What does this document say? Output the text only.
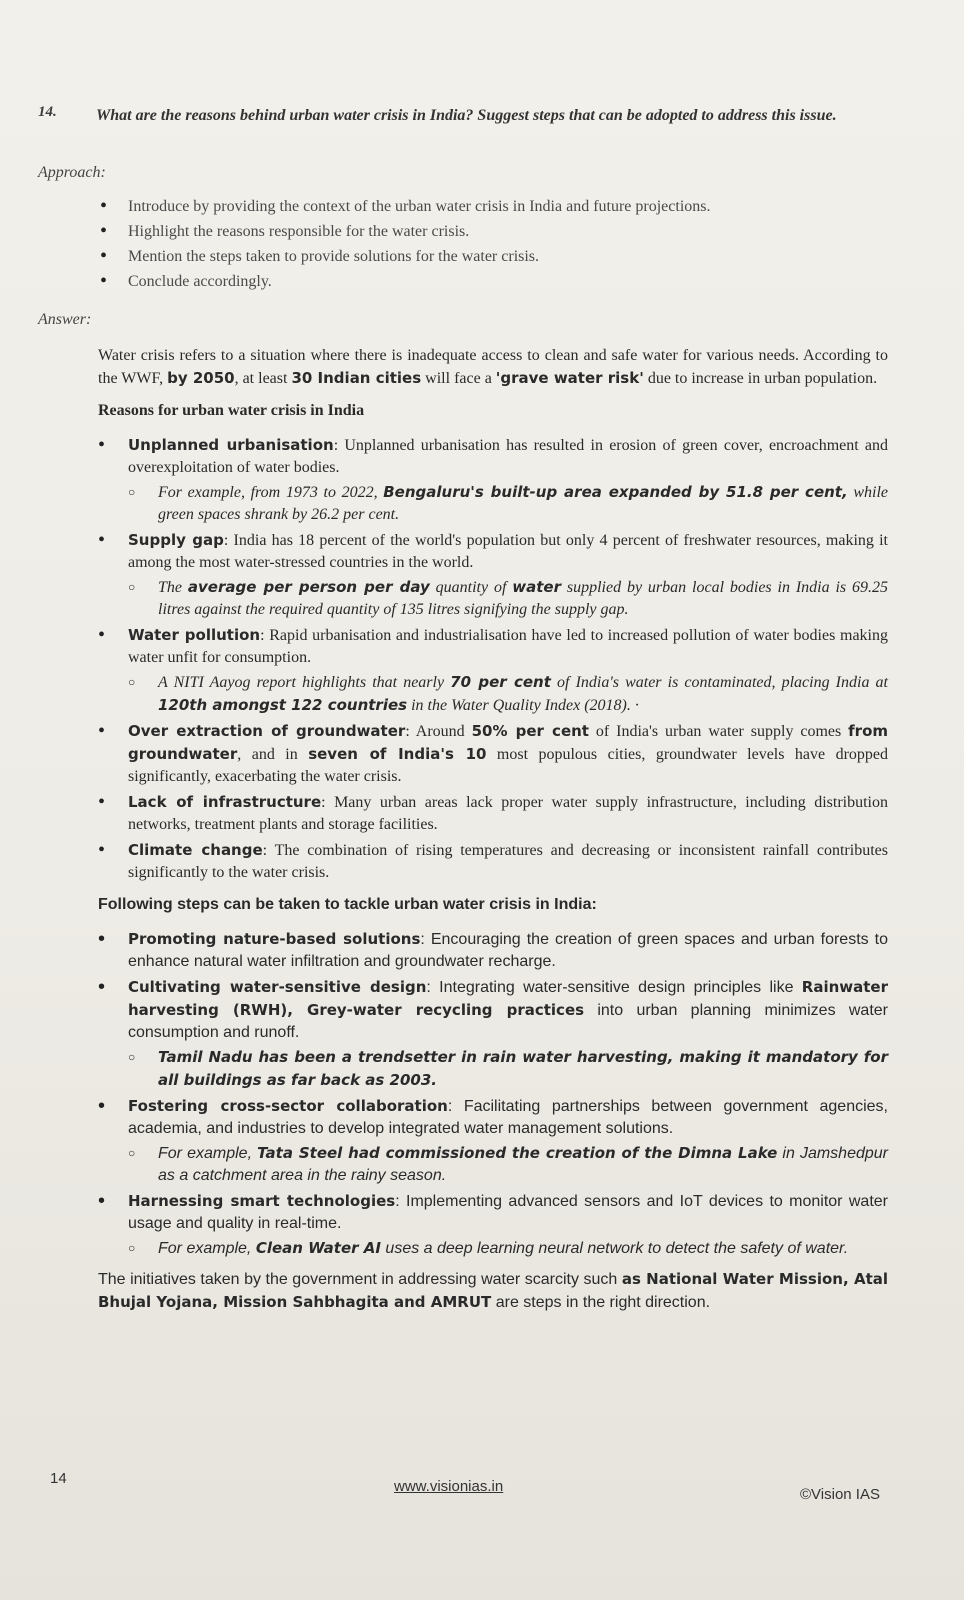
14.	What are the reasons behind urban water crisis in India? Suggest steps that can be adopted to address this issue.
Approach:
• Introduce by providing the context of the urban water crisis in India and future projections.
• Highlight the reasons responsible for the water crisis.
• Mention the steps taken to provide solutions for the water crisis.
• Conclude accordingly.
Answer:

Water crisis refers to a situation where there is inadequate access to clean and safe water for various needs. According to the WWF, by 2050, at least 30 Indian cities will face a 'grave water risk' due to increase in urban population.

Reasons for urban water crisis in India
• Unplanned urbanisation: Unplanned urbanisation has resulted in erosion of green cover, encroachment and overexploitation of water bodies.
○ For example, from 1973 to 2022, Bengaluru's built-up area expanded by 51.8 per cent, while green spaces shrank by 26.2 per cent.
• Supply gap: India has 18 percent of the world's population but only 4 percent of freshwater resources, making it among the most water-stressed countries in the world.
○ The average per person per day quantity of water supplied by urban local bodies in India is 69.25 litres against the required quantity of 135 litres signifying the supply gap.
• Water pollution: Rapid urbanisation and industrialisation have led to increased pollution of water bodies making water unfit for consumption.
○ A NITI Aayog report highlights that nearly 70 per cent of India's water is contaminated, placing India at 120th amongst 122 countries in the Water Quality Index (2018). ·
• Over extraction of groundwater: Around 50% per cent of India's urban water supply comes from groundwater, and in seven of India's 10 most populous cities, groundwater levels have dropped significantly, exacerbating the water crisis.
• Lack of infrastructure: Many urban areas lack proper water supply infrastructure, including distribution networks, treatment plants and storage facilities.
• Climate change: The combination of rising temperatures and decreasing or inconsistent rainfall contributes significantly to the water crisis.
Following steps can be taken to tackle urban water crisis in India:
• Promoting nature-based solutions: Encouraging the creation of green spaces and urban forests to enhance natural water infiltration and groundwater recharge.
• Cultivating water-sensitive design: Integrating water-sensitive design principles like Rainwater harvesting (RWH), Grey-water recycling practices into urban planning minimizes water consumption and runoff.
○ Tamil Nadu has been a trendsetter in rain water harvesting, making it mandatory for all buildings as far back as 2003.
• Fostering cross-sector collaboration: Facilitating partnerships between government agencies, academia, and industries to develop integrated water management solutions.
○ For example, Tata Steel had commissioned the creation of the Dimna Lake in Jamshedpur as a catchment area in the rainy season.
• Harnessing smart technologies: Implementing advanced sensors and IoT devices to monitor water usage and quality in real-time.
○ For example, Clean Water AI uses a deep learning neural network to detect the safety of water.

The initiatives taken by the government in addressing water scarcity such as National Water Mission, Atal Bhujal Yojana, Mission Sahbhagita and AMRUT are steps in the right direction.

14	www.visionias.in	©Vision IAS
